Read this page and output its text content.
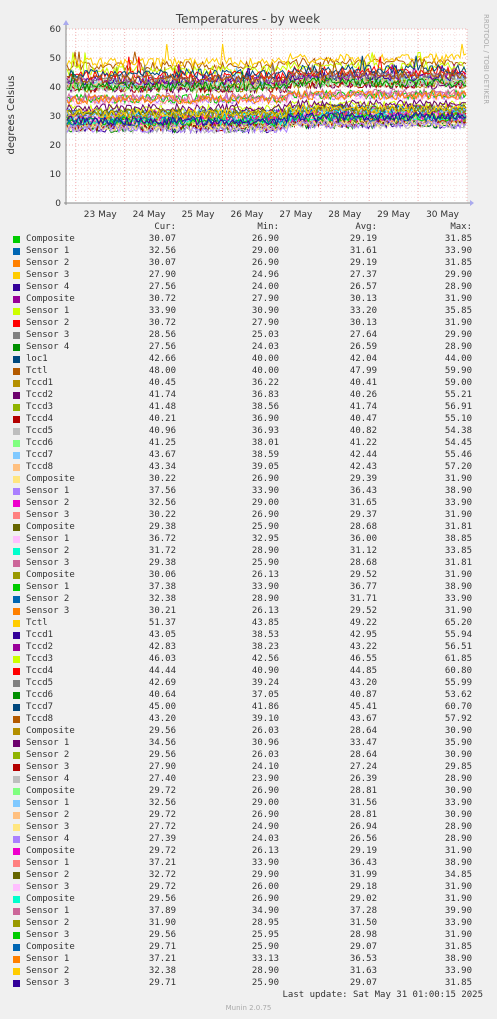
Temperatures - by week
degrees Celsius
RRDTOOL / TOBI OETIKER
0
10
20
30
40
50
60
23 May 24 May 25 May 26 May 27 May 28 May 29 May 30 May
Cur:	Min:	Avg:	Max:
Composite	30.07	26.90	29.19	31.85
Sensor 1	32.56	29.00	31.61	33.90
Sensor 2	30.07	26.90	29.19	31.85
Sensor 3	27.90	24.96	27.37	29.90
Sensor 4	27.56	24.00	26.57	28.90
Composite	30.72	27.90	30.13	31.90
Sensor 1	33.90	30.90	33.20	35.85
Sensor 2	30.72	27.90	30.13	31.90
Sensor 3	28.56	25.03	27.64	29.90
Sensor 4	27.56	24.03	26.59	28.90
loc1	42.66	40.00	42.04	44.00
Tctl	48.00	40.00	47.99	59.90
Tccd1	40.45	36.22	40.41	59.00
Tccd2	41.74	36.83	40.26	55.21
Tccd3	41.48	38.56	41.74	56.91
Tccd4	40.21	36.90	40.47	55.10
Tccd5	40.96	36.93	40.82	54.38
Tccd6	41.25	38.01	41.22	54.45
Tccd7	43.67	38.59	42.44	55.46
Tccd8	43.34	39.05	42.43	57.20
Composite	30.22	26.90	29.39	31.90
Sensor 1	37.56	33.90	36.43	38.90
Sensor 2	32.56	29.00	31.65	33.90
Sensor 3	30.22	26.90	29.37	31.90
Composite	29.38	25.90	28.68	31.81
Sensor 1	36.72	32.95	36.00	38.85
Sensor 2	31.72	28.90	31.12	33.85
Sensor 3	29.38	25.90	28.68	31.81
Composite	30.06	26.13	29.52	31.90
Sensor 1	37.38	33.90	36.77	38.90
Sensor 2	32.38	28.90	31.71	33.90
Sensor 3	30.21	26.13	29.52	31.90
Tctl	51.37	43.85	49.22	65.20
Tccd1	43.05	38.53	42.95	55.94
Tccd2	42.83	38.23	43.22	56.51
Tccd3	46.03	42.56	46.55	61.85
Tccd4	44.44	40.90	44.85	60.80
Tccd5	42.69	39.24	43.20	55.99
Tccd6	40.64	37.05	40.87	53.62
Tccd7	45.00	41.86	45.41	60.70
Tccd8	43.20	39.10	43.67	57.92
Composite	29.56	26.03	28.64	30.90
Sensor 1	34.56	30.96	33.47	35.90
Sensor 2	29.56	26.03	28.64	30.90
Sensor 3	27.90	24.10	27.24	29.85
Sensor 4	27.40	23.90	26.39	28.90
Composite	29.72	26.90	28.81	30.90
Sensor 1	32.56	29.00	31.56	33.90
Sensor 2	29.72	26.90	28.81	30.90
Sensor 3	27.72	24.90	26.94	28.90
Sensor 4	27.39	24.03	26.56	28.90
Composite	29.72	26.13	29.19	31.90
Sensor 1	37.21	33.90	36.43	38.90
Sensor 2	32.72	29.90	31.99	34.85
Sensor 3	29.72	26.00	29.18	31.90
Composite	29.56	26.90	29.02	31.90
Sensor 1	37.89	34.90	37.28	39.90
Sensor 2	31.90	28.95	31.50	33.90
Sensor 3	29.56	25.95	28.98	31.90
Composite	29.71	25.90	29.07	31.85
Sensor 1	37.21	33.13	36.53	38.90
Sensor 2	32.38	28.90	31.63	33.90
Sensor 3	29.71	25.90	29.07	31.85
Last update: Sat May 31 01:00:15 2025
Munin 2.0.75
